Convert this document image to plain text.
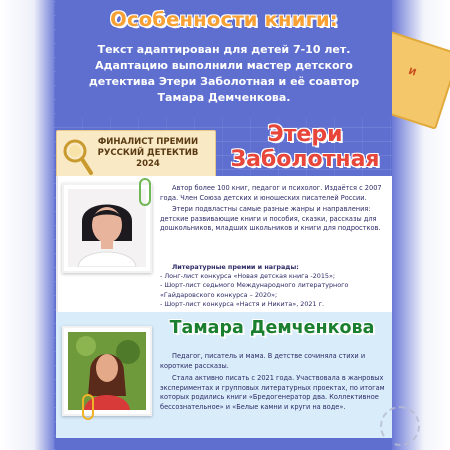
И
Особенности книги:
Текст адаптирован для детей 7-10 лет. Адаптацию выполнили мастер детского детектива Этери Заболотная и её соавтор Тамара Демченкова.
ФИНАЛИСТ ПРЕМИИ
РУССКИЙ ДЕТЕКТИВ
2024
Этери
Заболотная

Автор более 100 книг, педагог и психолог. Издаётся с 2007 года. Член Союза детских и юношеских писателей России.

Этери подвластны самые разные жанры и направления: детские развивающие книги и пособия, сказки, рассказы для дошкольников, младших школьников и книги для подростков.

Литературные премии и награды:
- Лонг-лист конкурса «Новая детская книга -2015»;
- Шорт-лист седьмого Международного литературного «Гайдаровского конкурса – 2020»;
- Шорт-лист конкурса «Настя и Никита», 2021 г.
Тамара Демченкова

Педагог, писатель и мама. В детстве сочиняла стихи и короткие рассказы.

Стала активно писать с 2021 года. Участвовала в жанровых экспериментах и групповых литературных проектах, по итогам которых родились книги «Бредогенератор два. Коллективное бессознательное» и «Белые камни и круги на воде».
